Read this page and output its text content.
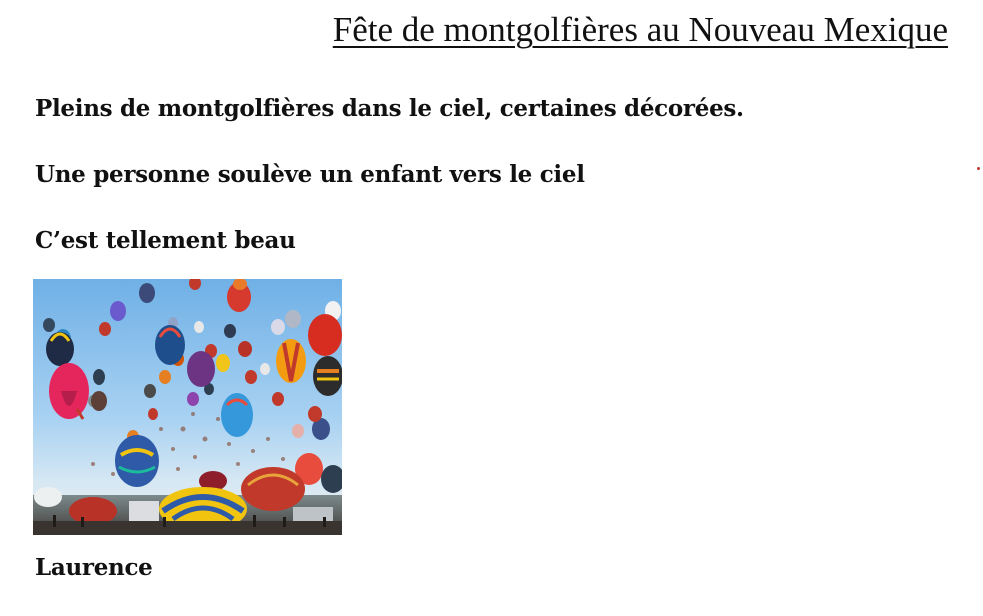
Fête de montgolfières au Nouveau Mexique

Pleins de montgolfières dans le ciel, certaines décorées.

Une personne soulève un enfant vers le ciel

C’est tellement beau

Laurence
